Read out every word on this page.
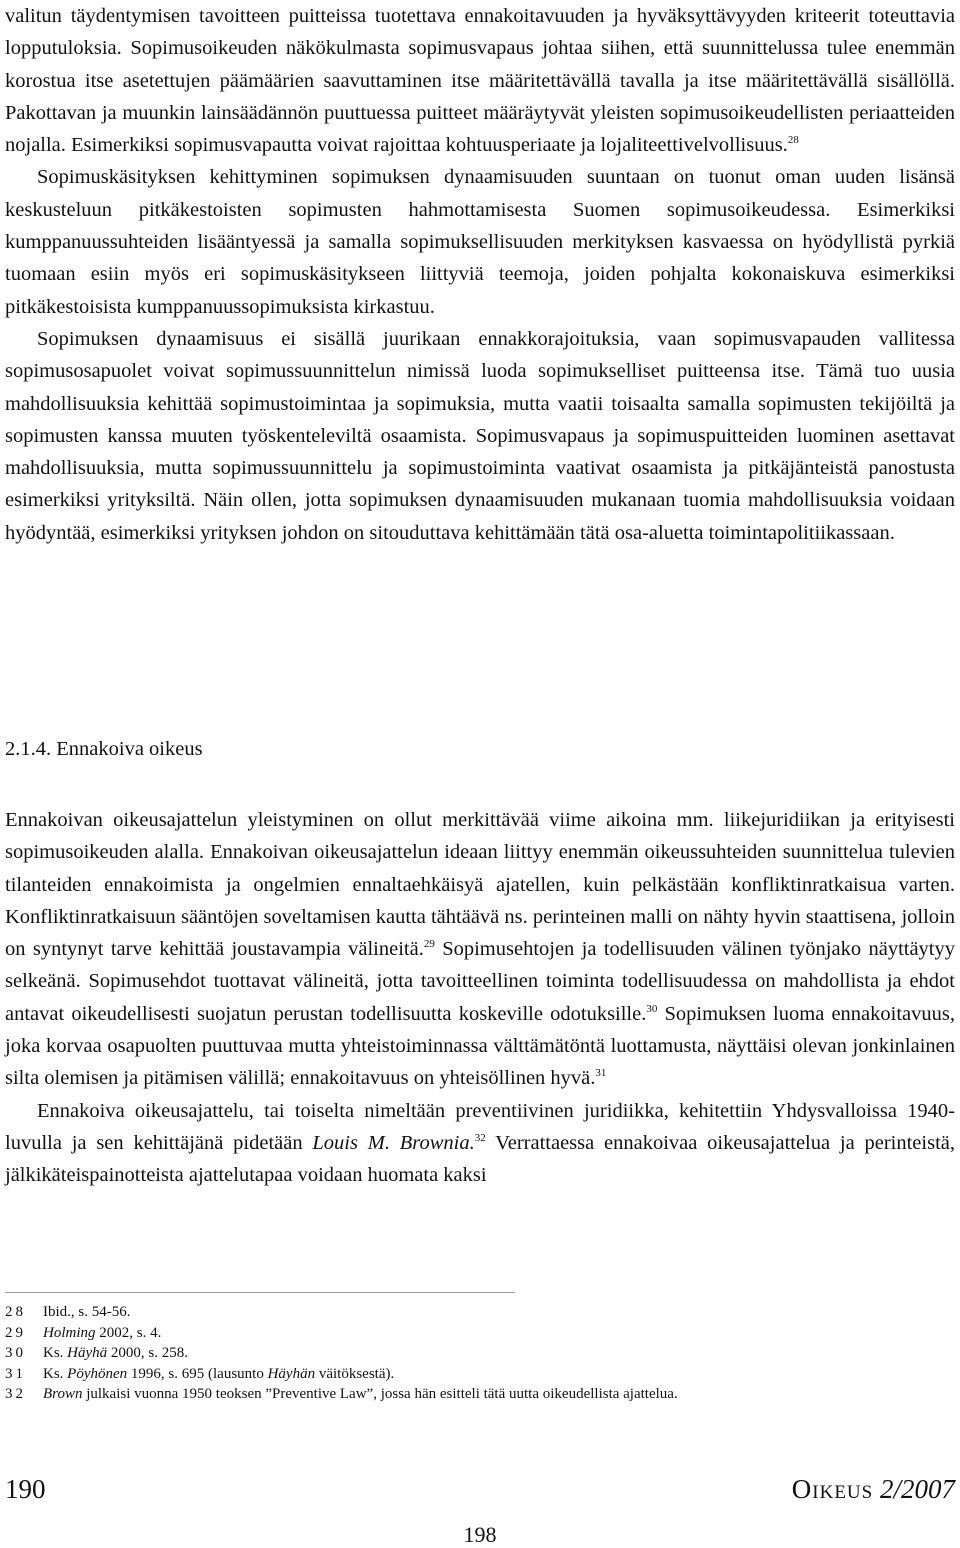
valitun täydentymisen tavoitteen puitteissa tuotettava ennakoitavuuden ja hyväksyttävyyden kriteerit toteuttavia lopputuloksia. Sopimusoikeuden näkökulmasta sopimusvapaus johtaa siihen, että suunnittelussa tulee enemmän korostua itse asetettujen päämäärien saavuttaminen itse määritettävällä tavalla ja itse määritettävällä sisällöllä. Pakottavan ja muunkin lainsäädännön puuttuessa puitteet määräytyvät yleisten sopimusoikeudellisten periaatteiden nojalla. Esimerkiksi sopimusvapautta voivat rajoittaa kohtuusperiaate ja lojaliteettivelvollisuus.$^{28}$

Sopimuskäsityksen kehittyminen sopimuksen dynaamisuuden suuntaan on tuonut oman uuden lisänsä keskusteluun pitkäkestoisten sopimusten hahmottamisesta Suomen sopimusoikeudessa. Esimerkiksi kumppanuussuhteiden lisääntyessä ja samalla sopimuksellisuuden merkityksen kasvaessa on hyödyllistä pyrkiä tuomaan esiin myös eri sopimuskäsitykseen liittyviä teemoja, joiden pohjalta kokonaiskuva esimerkiksi pitkäkestoisista kumppanuussopimuksista kirkastuu.

Sopimuksen dynaamisuus ei sisällä juurikaan ennakkorajoituksia, vaan sopimusvapauden vallitessa sopimusosapuolet voivat sopimussuunnittelun nimissä luoda sopimukselliset puitteensa itse. Tämä tuo uusia mahdollisuuksia kehittää sopimustoimintaa ja sopimuksia, mutta vaatii toisaalta samalla sopimusten tekijöiltä ja sopimusten kanssa muuten työskenteleviltä osaamista. Sopimusvapaus ja sopimuspuitteiden luominen asettavat mahdollisuuksia, mutta sopimussuunnittelu ja sopimustoiminta vaativat osaamista ja pitkäjänteistä panostusta esimerkiksi yrityksiltä. Näin ollen, jotta sopimuksen dynaamisuuden mukanaan tuomia mahdollisuuksia voidaan hyödyntää, esimerkiksi yrityksen johdon on sitouduttava kehittämään tätä osa-aluetta toimintapolitiikassaan.

2.1.4. Ennakoiva oikeus

Ennakoivan oikeusajattelun yleistyminen on ollut merkittävää viime aikoina mm. liikejuridiikan ja erityisesti sopimusoikeuden alalla. Ennakoivan oikeusajattelun ideaan liittyy enemmän oikeussuhteiden suunnittelua tulevien tilanteiden ennakoimista ja ongelmien ennaltaehkäisyä ajatellen, kuin pelkästään konfliktinratkaisua varten. Konfliktinratkaisuun sääntöjen soveltamisen kautta tähtäävä ns. perinteinen malli on nähty hyvin staattisena, jolloin on syntynyt tarve kehittää joustavampia välineitä.$^{29}$ Sopimusehtojen ja todellisuuden välinen työnjako näyttäytyy selkeänä. Sopimusehdot tuottavat välineitä, jotta tavoitteellinen toiminta todellisuudessa on mahdollista ja ehdot antavat oikeudellisesti suojatun perustan todellisuutta koskeville odotuksille.$^{30}$ Sopimuksen luoma ennakoitavuus, joka korvaa osapuolten puuttuvaa mutta yhteistoiminnassa välttämätöntä luottamusta, näyttäisi olevan jonkinlainen silta olemisen ja pitämisen välillä; ennakoitavuus on yhteisöllinen hyvä.$^{31}$

Ennakoiva oikeusajattelu, tai toiselta nimeltään preventiivinen juridiikka, kehitettiin Yhdysvalloissa 1940-luvulla ja sen kehittäjänä pidetään Louis M. Brownia.$^{32}$ Verrattaessa ennakoivaa oikeusajattelua ja perinteistä, jälkikäteispainotteista ajattelutapaa voidaan huomata kaksi

28	Ibid., s. 54-56.
29	Holming 2002, s. 4.
30	Ks. Häyhä 2000, s. 258.
31	Ks. Pöyhönen 1996, s. 695 (lausunto Häyhän väitöksestä).
32	Brown julkaisi vuonna 1950 teoksen ”Preventive Law”, jossa hän esitteli tätä uutta oikeudellista ajattelua.
190	Oikeus 2/2007
198
